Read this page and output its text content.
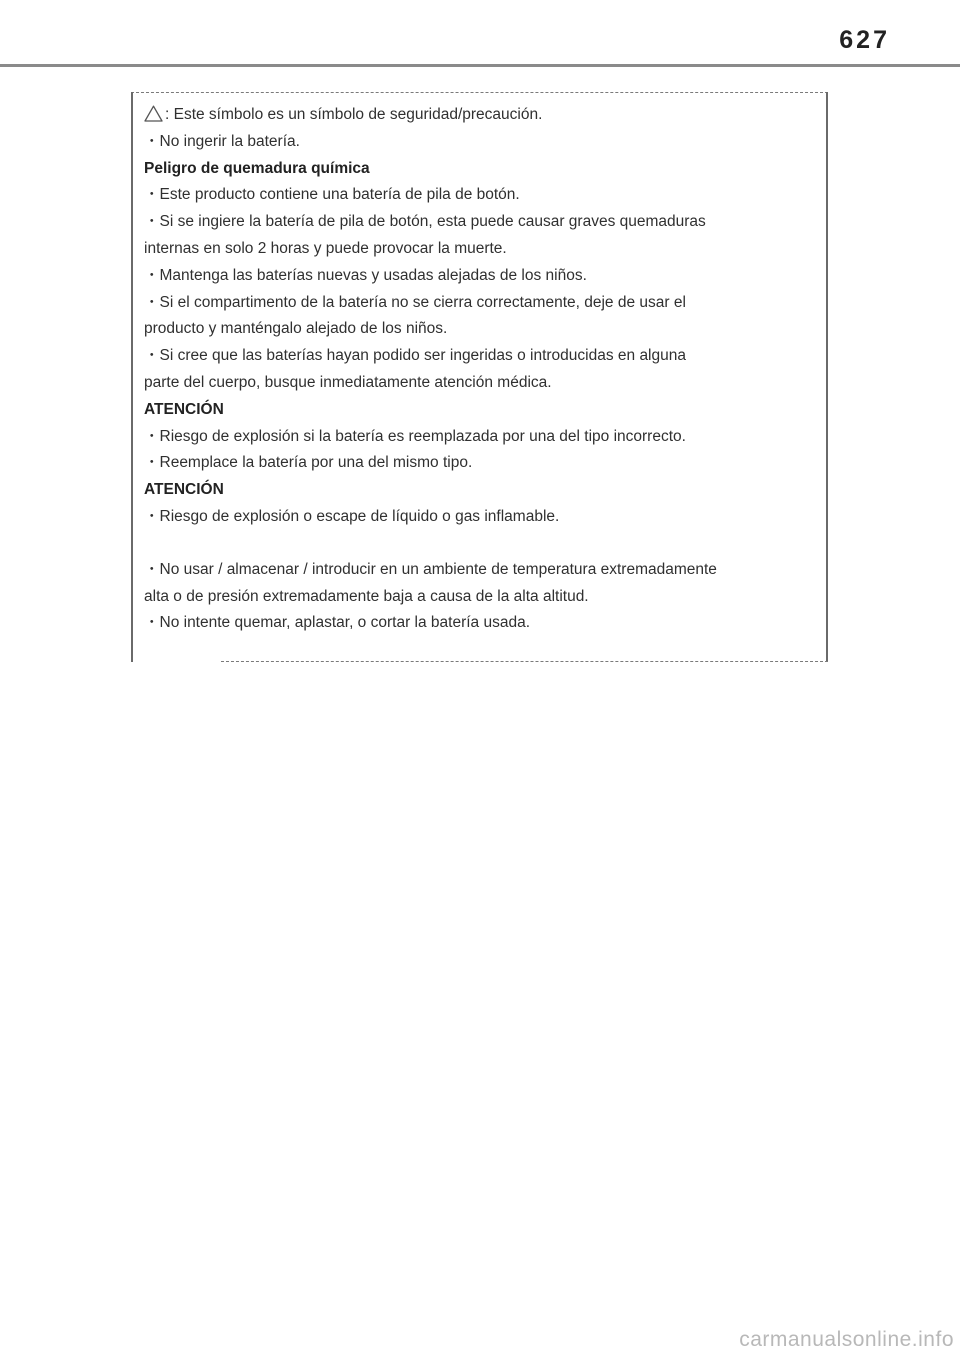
627
: Este símbolo es un símbolo de seguridad/precaución.
・No ingerir la batería.
Peligro de quemadura química
・Este producto contiene una batería de pila de botón.
・Si se ingiere la batería de pila de botón, esta puede causar graves quemaduras
internas en solo 2 horas y puede provocar la muerte.
・Mantenga las baterías nuevas y usadas alejadas de los niños.
・Si el compartimento de la batería no se cierra correctamente, deje de usar el
producto y manténgalo alejado de los niños.
・Si cree que las baterías hayan podido ser ingeridas o introducidas en alguna
parte del cuerpo, busque inmediatamente atención médica.
ATENCIÓN
・Riesgo de explosión si la batería es reemplazada por una del tipo incorrecto.
・Reemplace la batería por una del mismo tipo.
ATENCIÓN
・Riesgo de explosión o escape de líquido o gas inflamable.
・No usar / almacenar / introducir en un ambiente de temperatura extremadamente
alta o de presión extremadamente baja a causa de la alta altitud.
・No intente quemar, aplastar, o cortar la batería usada.
carmanualsonline.info
